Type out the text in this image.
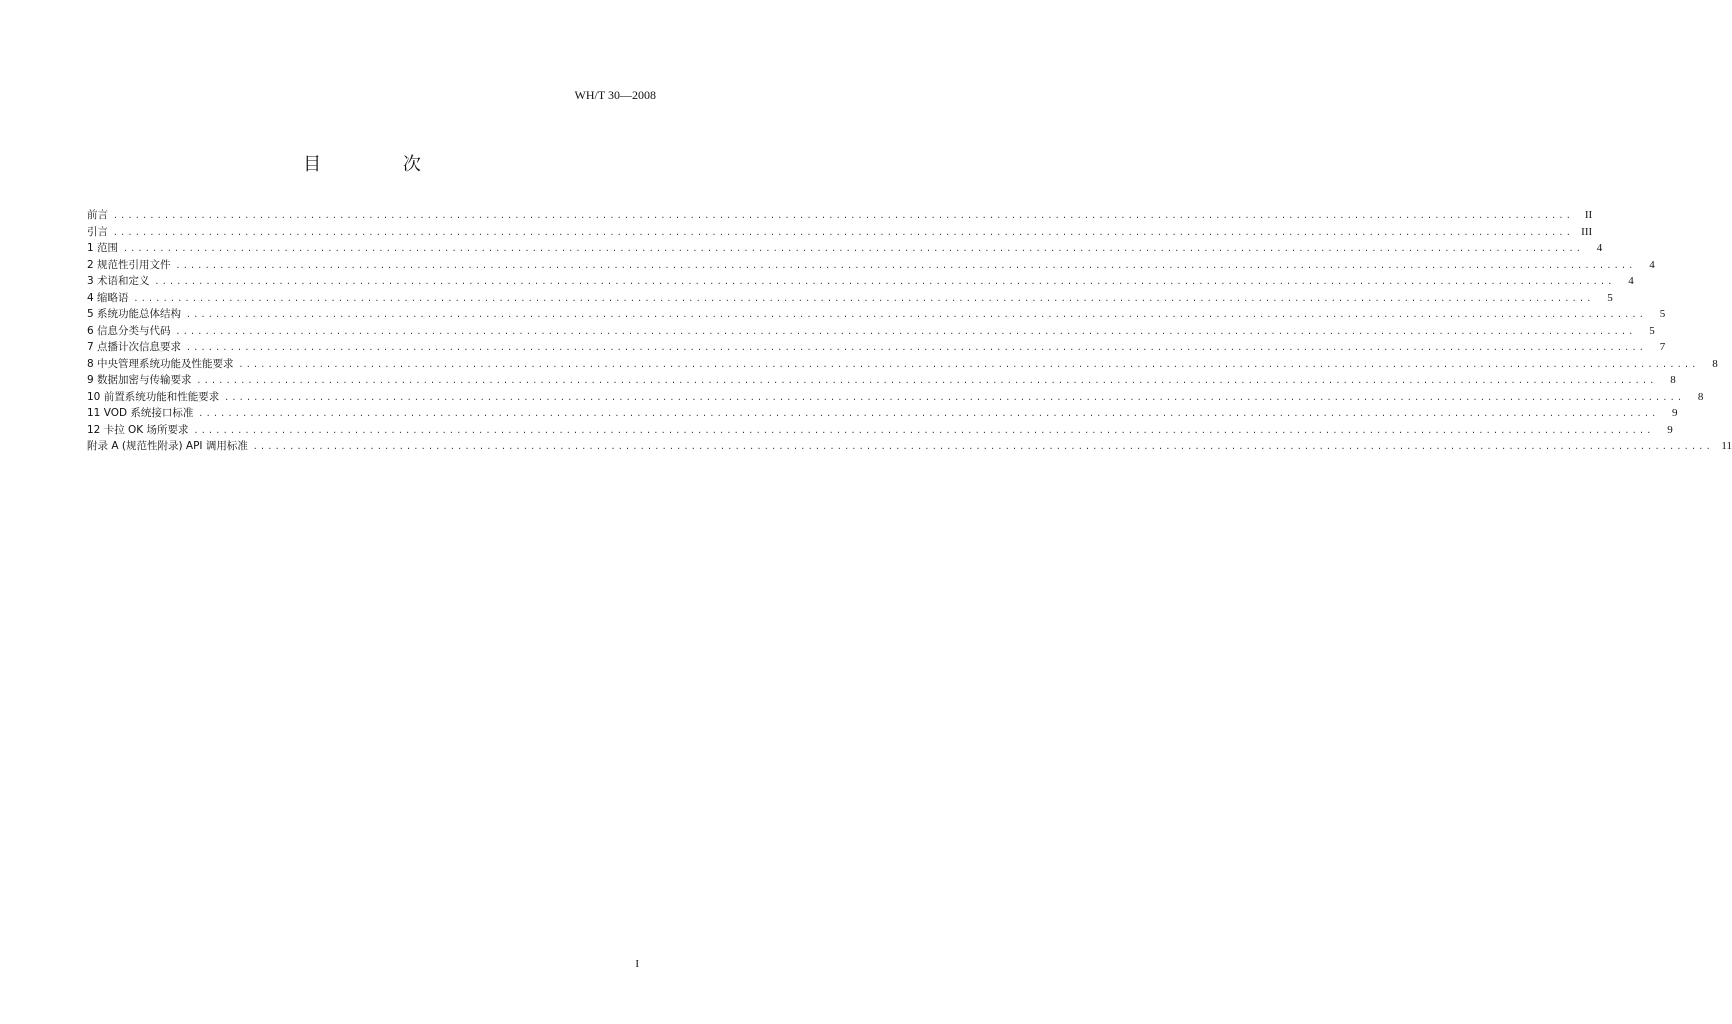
WH/T 30—2008
目 次
前言 ........................................................................................................................................................................................................	II
引言 ........................................................................................................................................................................................................ III
1 范围 ........................................................................................................................................................................................................	4
2 规范性引用文件 ........................................................................................................................................................................................................	4
3 术语和定义 ........................................................................................................................................................................................................	4
4 缩略语 ........................................................................................................................................................................................................	5
5 系统功能总体结构 ........................................................................................................................................................................................................	5
6 信息分类与代码 ........................................................................................................................................................................................................	5
7 点播计次信息要求 ........................................................................................................................................................................................................	7
8 中央管理系统功能及性能要求 ........................................................................................................................................................................................................	8
9 数据加密与传输要求 ........................................................................................................................................................................................................	8
10 前置系统功能和性能要求 ........................................................................................................................................................................................................	8
11 VOD 系统接口标准 ........................................................................................................................................................................................................	9
12 卡拉 OK 场所要求 ........................................................................................................................................................................................................	9
附录 A (规范性附录) API 调用标准 ........................................................................................................................................................................................................ 11
I
